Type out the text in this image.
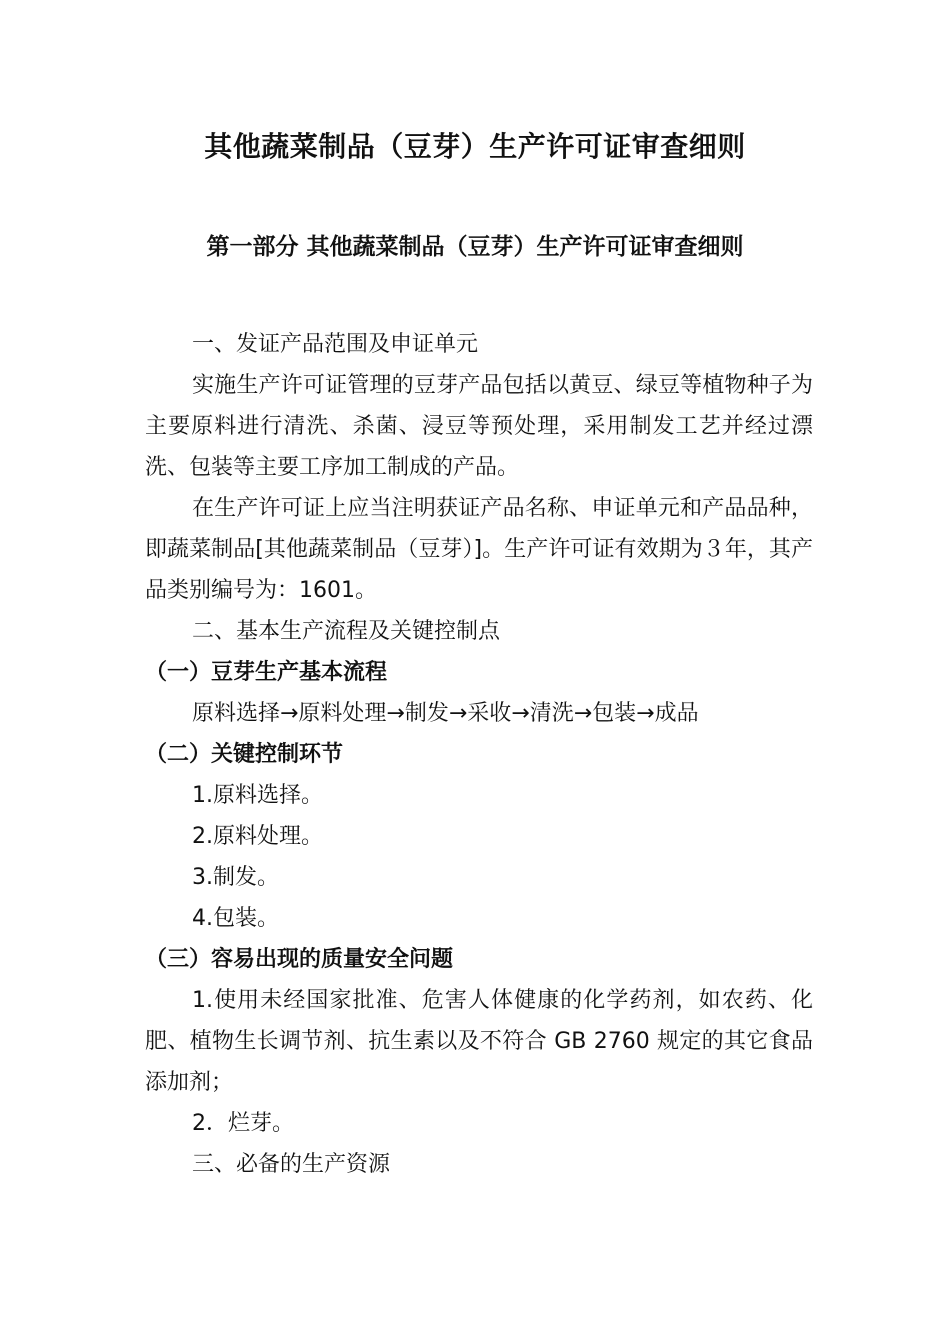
其他蔬菜制品（豆芽）生产许可证审查细则
第一部分 其他蔬菜制品（豆芽）生产许可证审查细则

一、发证产品范围及申证单元

实施生产许可证管理的豆芽产品包括以黄豆、绿豆等植物种子为主要原料进行清洗、杀菌、浸豆等预处理，采用制发工艺并经过漂洗、包装等主要工序加工制成的产品。

在生产许可证上应当注明获证产品名称、申证单元和产品品种，即蔬菜制品[其他蔬菜制品（豆芽）]。生产许可证有效期为３年，其产品类别编号为：1601。

二、基本生产流程及关键控制点

（一）豆芽生产基本流程

原料选择→原料处理→制发→采收→清洗→包装→成品

（二）关键控制环节

1.原料选择。

2.原料处理。

3.制发。

4.包装。

（三）容易出现的质量安全问题

1.使用未经国家批准、危害人体健康的化学药剂，如农药、化肥、植物生长调节剂、抗生素以及不符合 GB 2760 规定的其它食品添加剂；

2．烂芽。

三、必备的生产资源
